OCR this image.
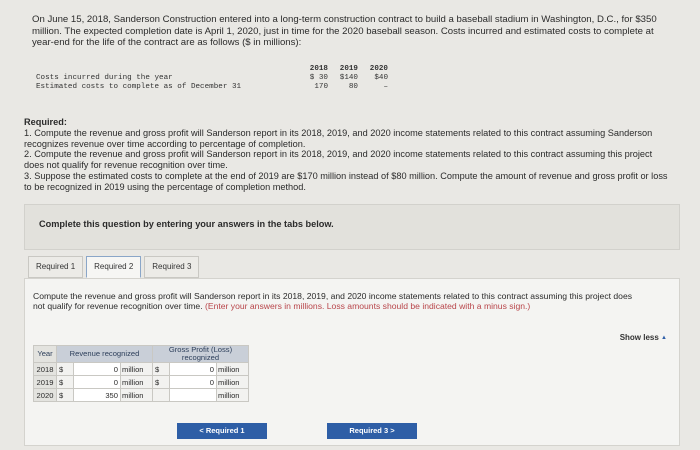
On June 15, 2018, Sanderson Construction entered into a long-term construction contract to build a baseball stadium in Washington, D.C., for $350 million. The expected completion date is April 1, 2020, just in time for the 2020 baseball season. Costs incurred and estimated costs to complete at year-end for the life of the contract are as follows ($ in millions):
2018	2019	2020
Costs incurred during the year	$ 30	$140	$40
Estimated costs to complete as of December 31	170	80	–
Required:
1. Compute the revenue and gross profit will Sanderson report in its 2018, 2019, and 2020 income statements related to this contract assuming Sanderson recognizes revenue over time according to percentage of completion.
2. Compute the revenue and gross profit will Sanderson report in its 2018, 2019, and 2020 income statements related to this contract assuming this project does not qualify for revenue recognition over time.
3. Suppose the estimated costs to complete at the end of 2019 are $170 million instead of $80 million. Compute the amount of revenue and gross profit or loss to be recognized in 2019 using the percentage of completion method.
Complete this question by entering your answers in the tabs below.
Required 1	Required 2	Required 3
Compute the revenue and gross profit will Sanderson report in its 2018, 2019, and 2020 income statements related to this contract assuming this project does not qualify for revenue recognition over time. (Enter your answers in millions. Loss amounts should be indicated with a minus sign.)
Show less ▲
Year	Revenue recognized			Gross Profit (Loss) recognized		
2018	$	0	million	$	0	million
2019	$	0	million	$	0	million
2020	$	350	million			million
< Required 1	Required 3 >
